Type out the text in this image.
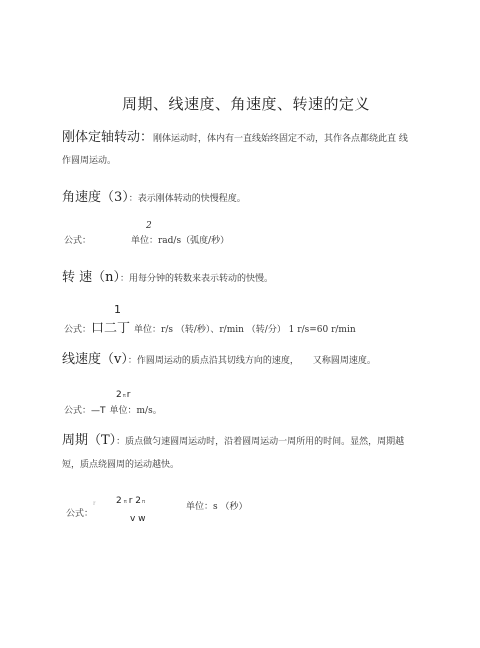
周期、线速度、角速度、转速的定义
刚体定轴转动：刚体运动时，体内有一直线始终固定不动，其作各点都绕此直 线
作圆周运动。
角速度（3）：表示刚体转动的快慢程度。
2
公式：	单位：rad/s（弧度/秒）
转 速（n）：用每分钟的转数来表示转动的快慢。
1
公式：口二丁 单位：r/s （转/秒）、r/min （转/分） 1 r/s=60 r/min
线速度（v）：作圆周运动的质点沿其切线方向的速度， 又称圆周速度。
2πr
公式：—T 单位：m/s。
周期（T）：质点做匀速圆周运动时，沿着圆周运动一周所用的时间。显然，周期越
短，质点绕圆周的运动越快。
2 π r 2π
公式：『	单位：s （秒）
v w
